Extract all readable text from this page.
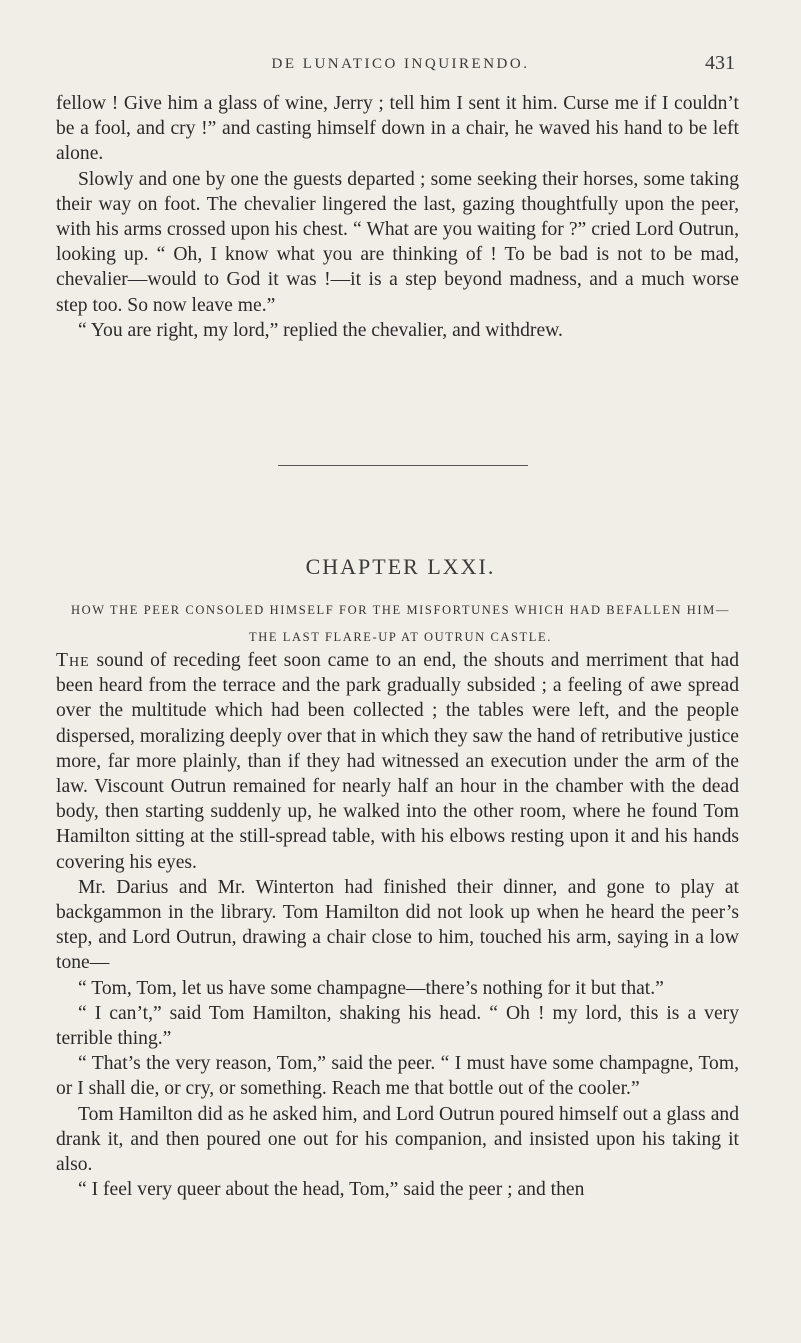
DE LUNATICO INQUIRENDO.	431

fellow ! Give him a glass of wine, Jerry ; tell him I sent it him. Curse me if I couldn’t be a fool, and cry !” and casting himself down in a chair, he waved his hand to be left alone.

Slowly and one by one the guests departed ; some seeking their horses, some taking their way on foot. The chevalier lingered the last, gazing thoughtfully upon the peer, with his arms crossed upon his chest. “ What are you waiting for ?” cried Lord Outrun, looking up. “ Oh, I know what you are thinking of ! To be bad is not to be mad, chevalier—would to God it was !—it is a step beyond madness, and a much worse step too. So now leave me.”

“ You are right, my lord,” replied the chevalier, and withdrew.

CHAPTER LXXI.
HOW THE PEER CONSOLED HIMSELF FOR THE MISFORTUNES WHICH HAD BEFALLEN HIM—THE LAST FLARE-UP AT OUTRUN CASTLE.

The sound of receding feet soon came to an end, the shouts and merriment that had been heard from the terrace and the park gradually subsided ; a feeling of awe spread over the multitude which had been collected ; the tables were left, and the people dispersed, moralizing deeply over that in which they saw the hand of retributive justice more, far more plainly, than if they had witnessed an execution under the arm of the law. Viscount Outrun remained for nearly half an hour in the chamber with the dead body, then starting suddenly up, he walked into the other room, where he found Tom Hamilton sitting at the still-spread table, with his elbows resting upon it and his hands covering his eyes.

Mr. Darius and Mr. Winterton had finished their dinner, and gone to play at backgammon in the library. Tom Hamilton did not look up when he heard the peer’s step, and Lord Outrun, drawing a chair close to him, touched his arm, saying in a low tone—

“ Tom, Tom, let us have some champagne—there’s nothing for it but that.”

“ I can’t,” said Tom Hamilton, shaking his head. “ Oh ! my lord, this is a very terrible thing.”

“ That’s the very reason, Tom,” said the peer. “ I must have some champagne, Tom, or I shall die, or cry, or something. Reach me that bottle out of the cooler.”

Tom Hamilton did as he asked him, and Lord Outrun poured himself out a glass and drank it, and then poured one out for his companion, and insisted upon his taking it also.

“ I feel very queer about the head, Tom,” said the peer ; and then
